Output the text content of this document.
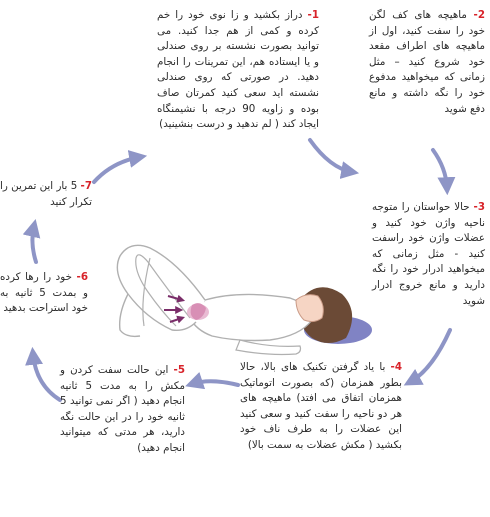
1- دراز بکشید و زا نوی خود را خم کرده و کمی از هم جدا کنید. می توانید بصورت نشسته بر روی صندلی و یا ایستاده هم، این تمرینات را انجام دهید. در صورتی که روی صندلی نشسته اید سعی کنید کمرتان صاف بوده و زاویه 90 درجه با نشیمنگاه ایجاد کند ( لم ندهید و درست بنشینید)
2- ماهیچه های کف لگن خود را سفت کنید، اول از ماهیچه های اطراف مقعد خود شروع کنید – مثل زمانی که میخواهید مدفوع خود را نگه داشته و مانع دفع شوید
3- حالا حواستان را متوجه ناحیه واژن خود کنید و عضلات واژن خود راسفت کنید - مثل زمانی که میخواهید ادرار خود را نگه دارید و مانع خروج ادرار شوید
4- با یاد گرفتن تکنیک های بالا، حالا بطور همزمان (که بصورت اتوماتیک همزمان اتفاق می افتد) ماهیچه های هر دو ناحیه را سفت کنید و سعی کنید این عضلات را به طرف ناف خود بکشید ( مکش عضلات به سمت بالا)
5- این حالت سفت کردن و مکش را به مدت 5 ثانیه انجام دهید ( اگر نمی توانید 5 ثانیه خود را در این حالت نگه دارید، هر مدتی که میتوانید انجام دهید)
6- خود را رها کرده و بمدت 5 ثانیه به خود استراحت بدهید
7- 5 بار این تمرین را تکرار کنید
